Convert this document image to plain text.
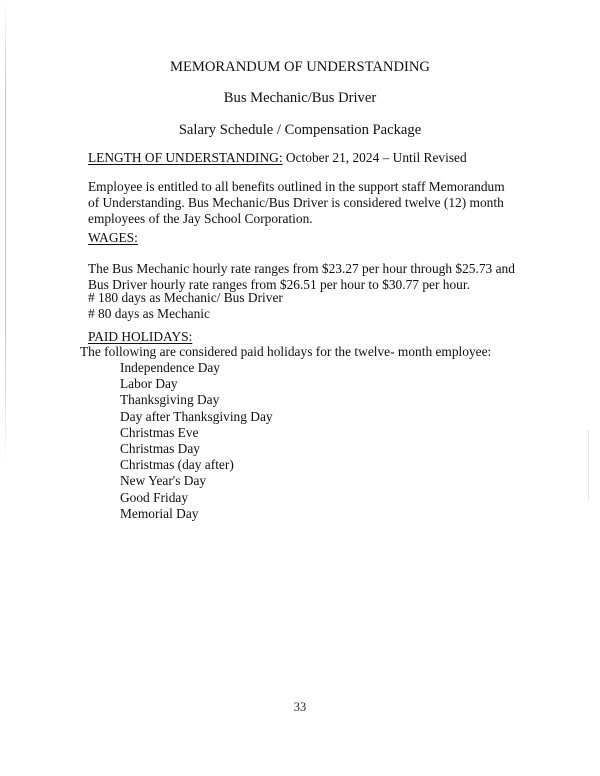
MEMORANDUM OF UNDERSTANDING
Bus Mechanic/Bus Driver
Salary Schedule / Compensation Package
LENGTH OF UNDERSTANDING: October 21, 2024 – Until Revised

Employee is entitled to all benefits outlined in the support staff Memorandum of Understanding. Bus Mechanic/Bus Driver is considered twelve (12) month employees of the Jay School Corporation.

WAGES:

The Bus Mechanic hourly rate ranges from $23.27 per hour through $25.73 and Bus Driver hourly rate ranges from $26.51 per hour to $30.77 per hour.

# 180 days as Mechanic/ Bus Driver
# 80 days as Mechanic
PAID HOLIDAYS:
The following are considered paid holidays for the twelve- month employee:
Independence Day
Labor Day
Thanksgiving Day
Day after Thanksgiving Day
Christmas Eve
Christmas Day
Christmas (day after)
New Year's Day
Good Friday
Memorial Day
33
